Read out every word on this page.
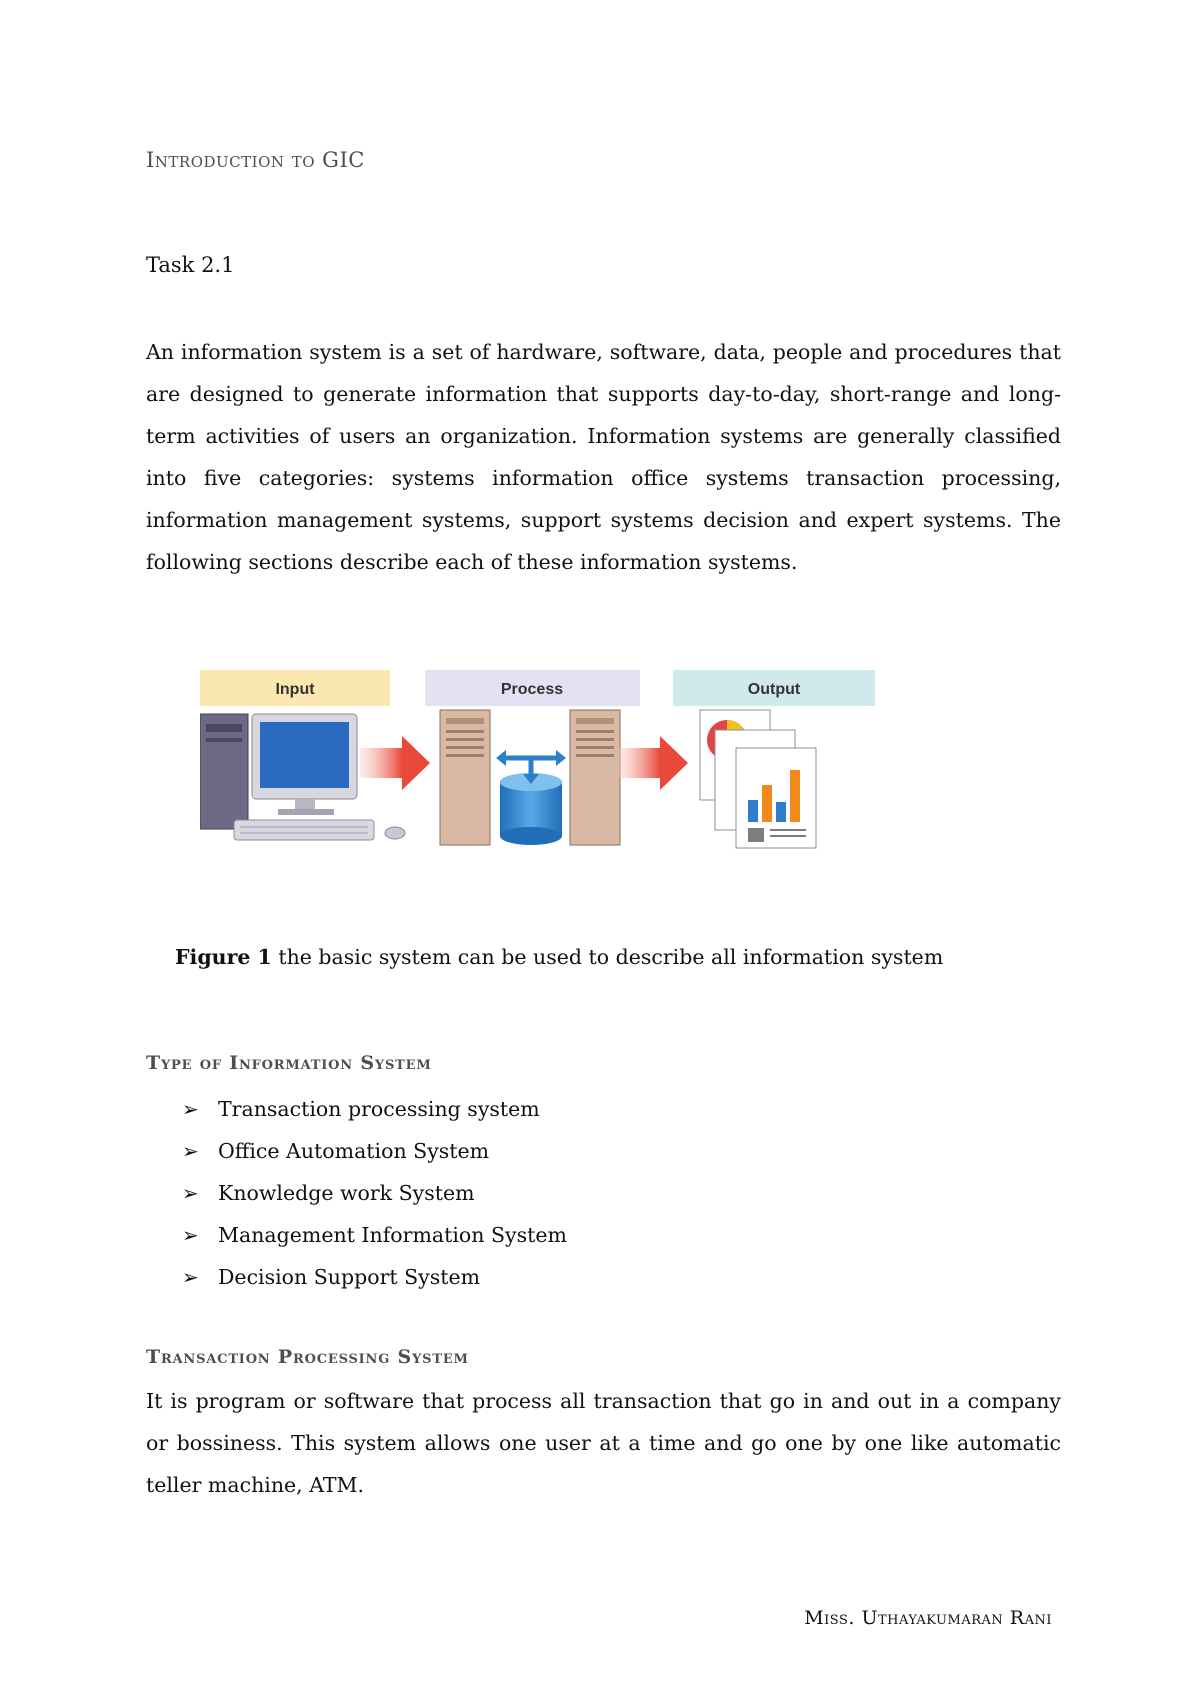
Introduction to GIC
Task 2.1

An information system is a set of hardware, software, data, people and procedures that are designed to generate information that supports day-to-day, short-range and long-term activities of users an organization. Information systems are generally classified into five categories: systems information office systems transaction processing, information management systems, support systems decision and expert systems. The following sections describe each of these information systems.

Input	Process	Output
Figure 1 the basic system can be used to describe all information system
Type of Information System
➢ Transaction processing system
➢ Office Automation System
➢ Knowledge work System
➢ Management Information System
➢ Decision Support System
Transaction Processing System

It is program or software that process all transaction that go in and out in a company or bossiness. This system allows one user at a time and go one by one like automatic teller machine, ATM.

Miss. Uthayakumaran Rani
